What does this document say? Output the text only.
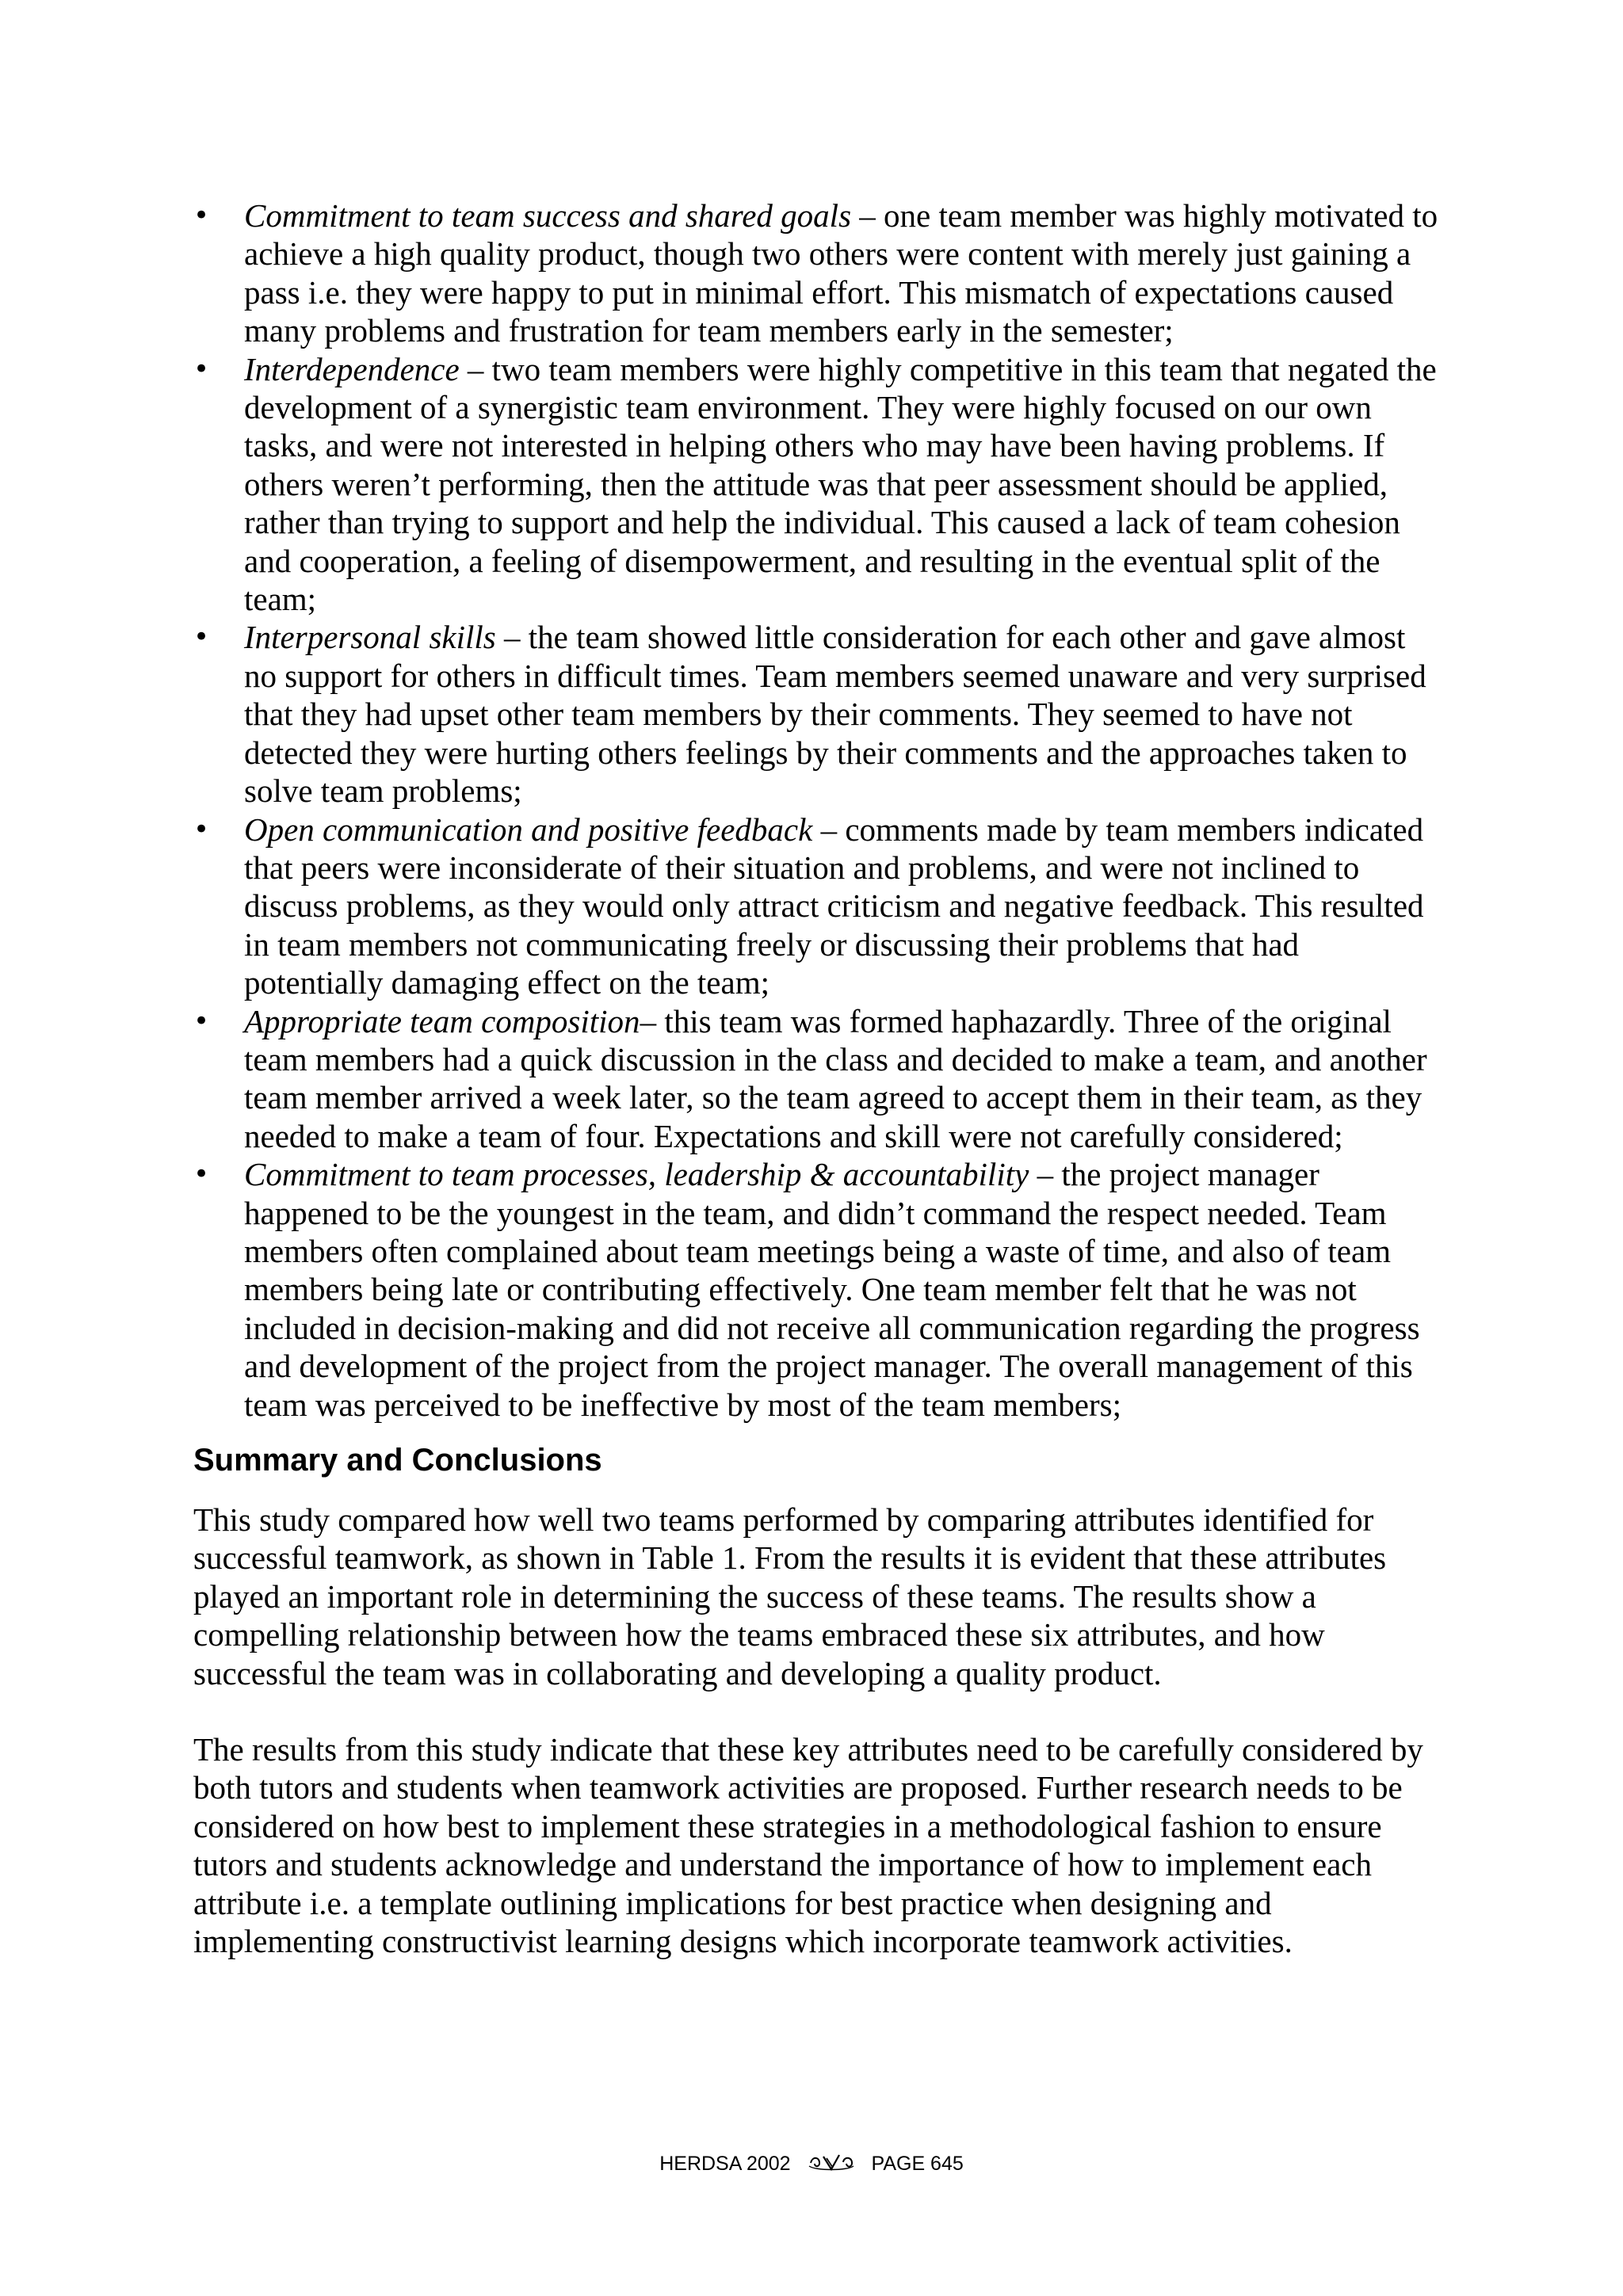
• Commitment to team success and shared goals – one team member was highly motivated to achieve a high quality product, though two others were content with merely just gaining a pass i.e. they were happy to put in minimal effort. This mismatch of expectations caused many problems and frustration for team members early in the semester;
• Interdependence – two team members were highly competitive in this team that negated the development of a synergistic team environment. They were highly focused on our own tasks, and were not interested in helping others who may have been having problems. If others weren’t performing, then the attitude was that peer assessment should be applied, rather than trying to support and help the individual. This caused a lack of team cohesion and cooperation, a feeling of disempowerment, and resulting in the eventual split of the team;
• Interpersonal skills – the team showed little consideration for each other and gave almost no support for others in difficult times. Team members seemed unaware and very surprised that they had upset other team members by their comments. They seemed to have not detected they were hurting others feelings by their comments and the approaches taken to solve team problems;
• Open communication and positive feedback – comments made by team members indicated that peers were inconsiderate of their situation and problems, and were not inclined to discuss problems, as they would only attract criticism and negative feedback. This resulted in team members not communicating freely or discussing their problems that had potentially damaging effect on the team;
• Appropriate team composition– this team was formed haphazardly. Three of the original team members had a quick discussion in the class and decided to make a team, and another team member arrived a week later, so the team agreed to accept them in their team, as they needed to make a team of four. Expectations and skill were not carefully considered;
• Commitment to team processes, leadership & accountability – the project manager happened to be the youngest in the team, and didn’t command the respect needed. Team members often complained about team meetings being a waste of time, and also of team members being late or contributing effectively. One team member felt that he was not included in decision-making and did not receive all communication regarding the progress and development of the project from the project manager. The overall management of this team was perceived to be ineffective by most of the team members;
Summary and Conclusions

This study compared how well two teams performed by comparing attributes identified for successful teamwork, as shown in Table 1. From the results it is evident that these attributes played an important role in determining the success of these teams. The results show a compelling relationship between how the teams embraced these six attributes, and how successful the team was in collaborating and developing a quality product.

The results from this study indicate that these key attributes need to be carefully considered by both tutors and students when teamwork activities are proposed. Further research needs to be considered on how best to implement these strategies in a methodological fashion to ensure tutors and students acknowledge and understand the importance of how to implement each attribute i.e. a template outlining implications for best practice when designing and implementing constructivist learning designs which incorporate teamwork activities.

HERDSA 2002	PAGE 645
